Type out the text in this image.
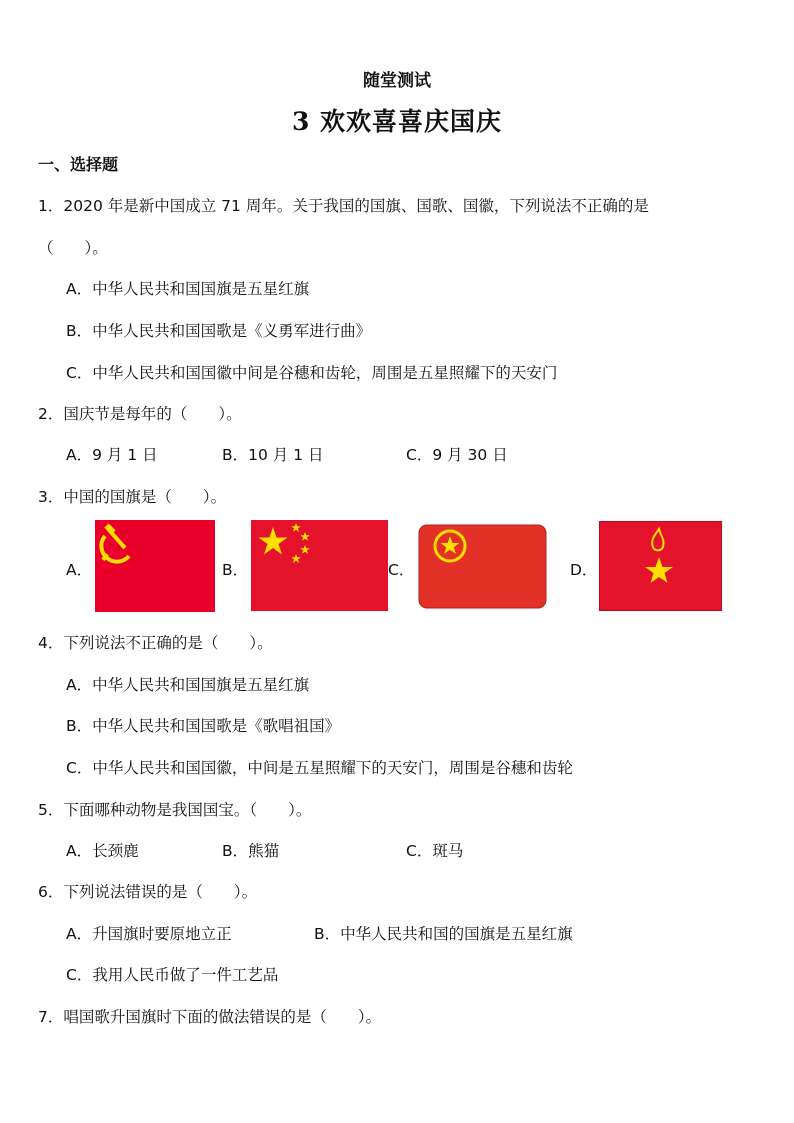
随堂测试
3 欢欢喜喜庆国庆
一、选择题
1．2020 年是新中国成立 71 周年。关于我国的国旗、国歌、国徽，下列说法不正确的是
（　　）。
A．中华人民共和国国旗是五星红旗
B．中华人民共和国国歌是《义勇军进行曲》
C．中华人民共和国国徽中间是谷穗和齿轮，周围是五星照耀下的天安门
2．国庆节是每年的（　　）。
A．9 月 1 日	B．10 月 1 日	C．9 月 30 日
3．中国的国旗是（　　）。
A．	B．	C．	D．
4．下列说法不正确的是（　　）。
A．中华人民共和国国旗是五星红旗
B．中华人民共和国国歌是《歌唱祖国》
C．中华人民共和国国徽，中间是五星照耀下的天安门，周围是谷穗和齿轮
5．下面哪种动物是我国国宝。（　　）。
A．长颈鹿	B．熊猫	C．斑马
6．下列说法错误的是（　　）。
A．升国旗时要原地立正	B．中华人民共和国的国旗是五星红旗
C．我用人民币做了一件工艺品
7．唱国歌升国旗时下面的做法错误的是（　　）。
